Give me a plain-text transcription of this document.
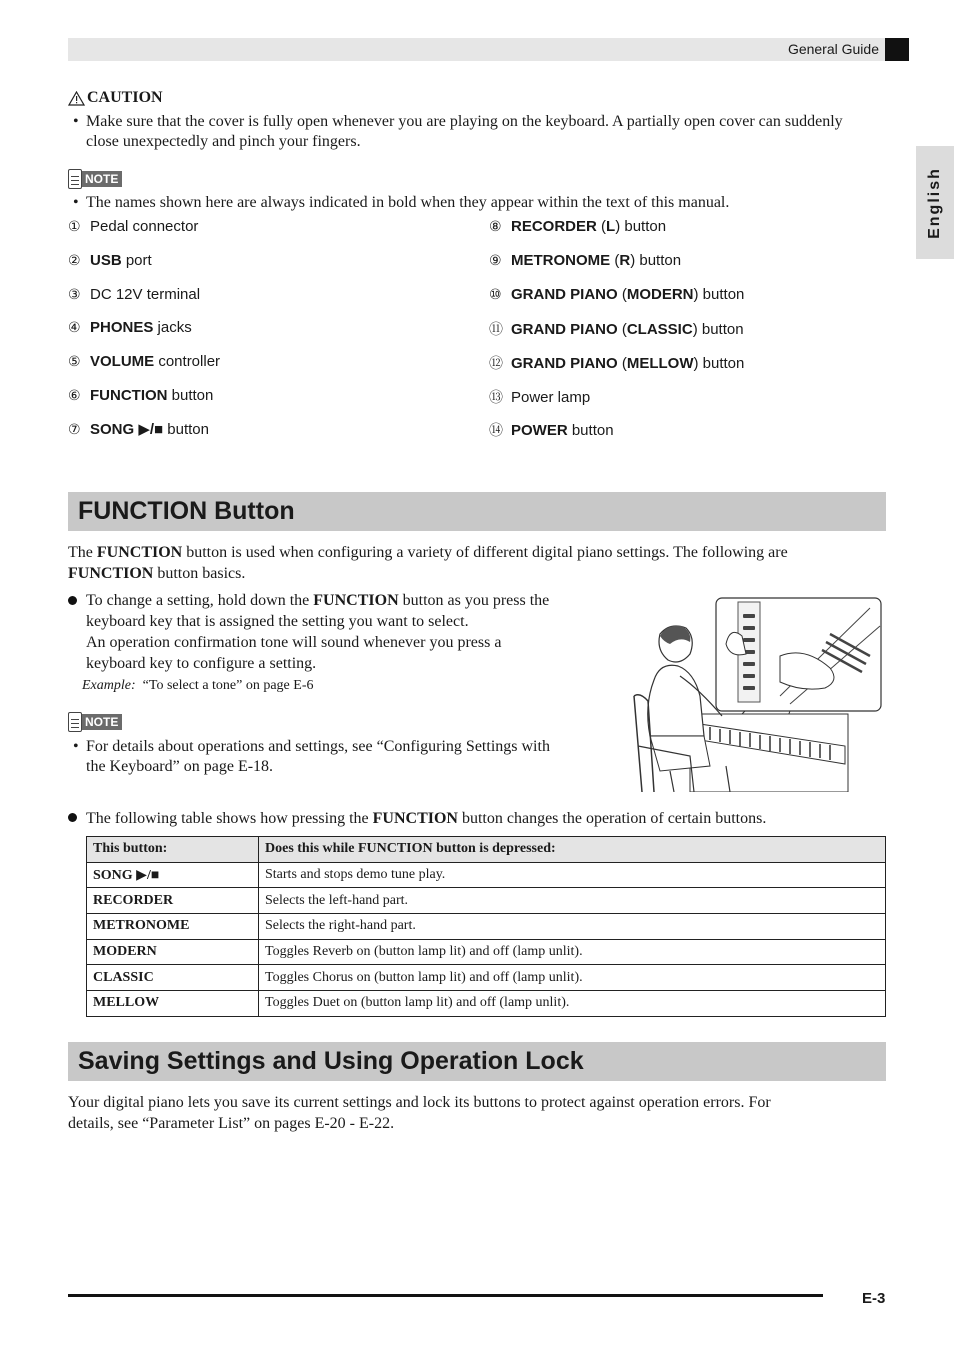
General Guide
English
CAUTION
• Make sure that the cover is fully open whenever you are playing on the keyboard. A partially open cover can suddenly close unexpectedly and pinch your fingers.
NOTE
• The names shown here are always indicated in bold when they appear within the text of this manual.
① Pedal connector
② USB port
③ DC 12V terminal
④ PHONES jacks
⑤ VOLUME controller
⑥ FUNCTION button
⑦ SONG ▶/■ button
⑧ RECORDER (L) button
⑨ METRONOME (R) button
⑩ GRAND PIANO (MODERN) button
⑪ GRAND PIANO (CLASSIC) button
⑫ GRAND PIANO (MELLOW) button
⑬ Power lamp
⑭ POWER button
FUNCTION Button
The FUNCTION button is used when configuring a variety of different digital piano settings. The following are
FUNCTION button basics.
To change a setting, hold down the FUNCTION button as you press the
keyboard key that is assigned the setting you want to select.
An operation confirmation tone will sound whenever you press a
keyboard key to configure a setting.
Example: “To select a tone” on page E-6
NOTE
• For details about operations and settings, see “Configuring Settings with
the Keyboard” on page E-18.
The following table shows how pressing the FUNCTION button changes the operation of certain buttons.
This button:	Does this while FUNCTION button is depressed:
SONG ▶/■	Starts and stops demo tune play.
RECORDER	Selects the left-hand part.
METRONOME	Selects the right-hand part.
MODERN	Toggles Reverb on (button lamp lit) and off (lamp unlit).
CLASSIC	Toggles Chorus on (button lamp lit) and off (lamp unlit).
MELLOW	Toggles Duet on (button lamp lit) and off (lamp unlit).
Saving Settings and Using Operation Lock
Your digital piano lets you save its current settings and lock its buttons to protect against operation errors. For
details, see “Parameter List” on pages E-20 - E-22.
E-3
